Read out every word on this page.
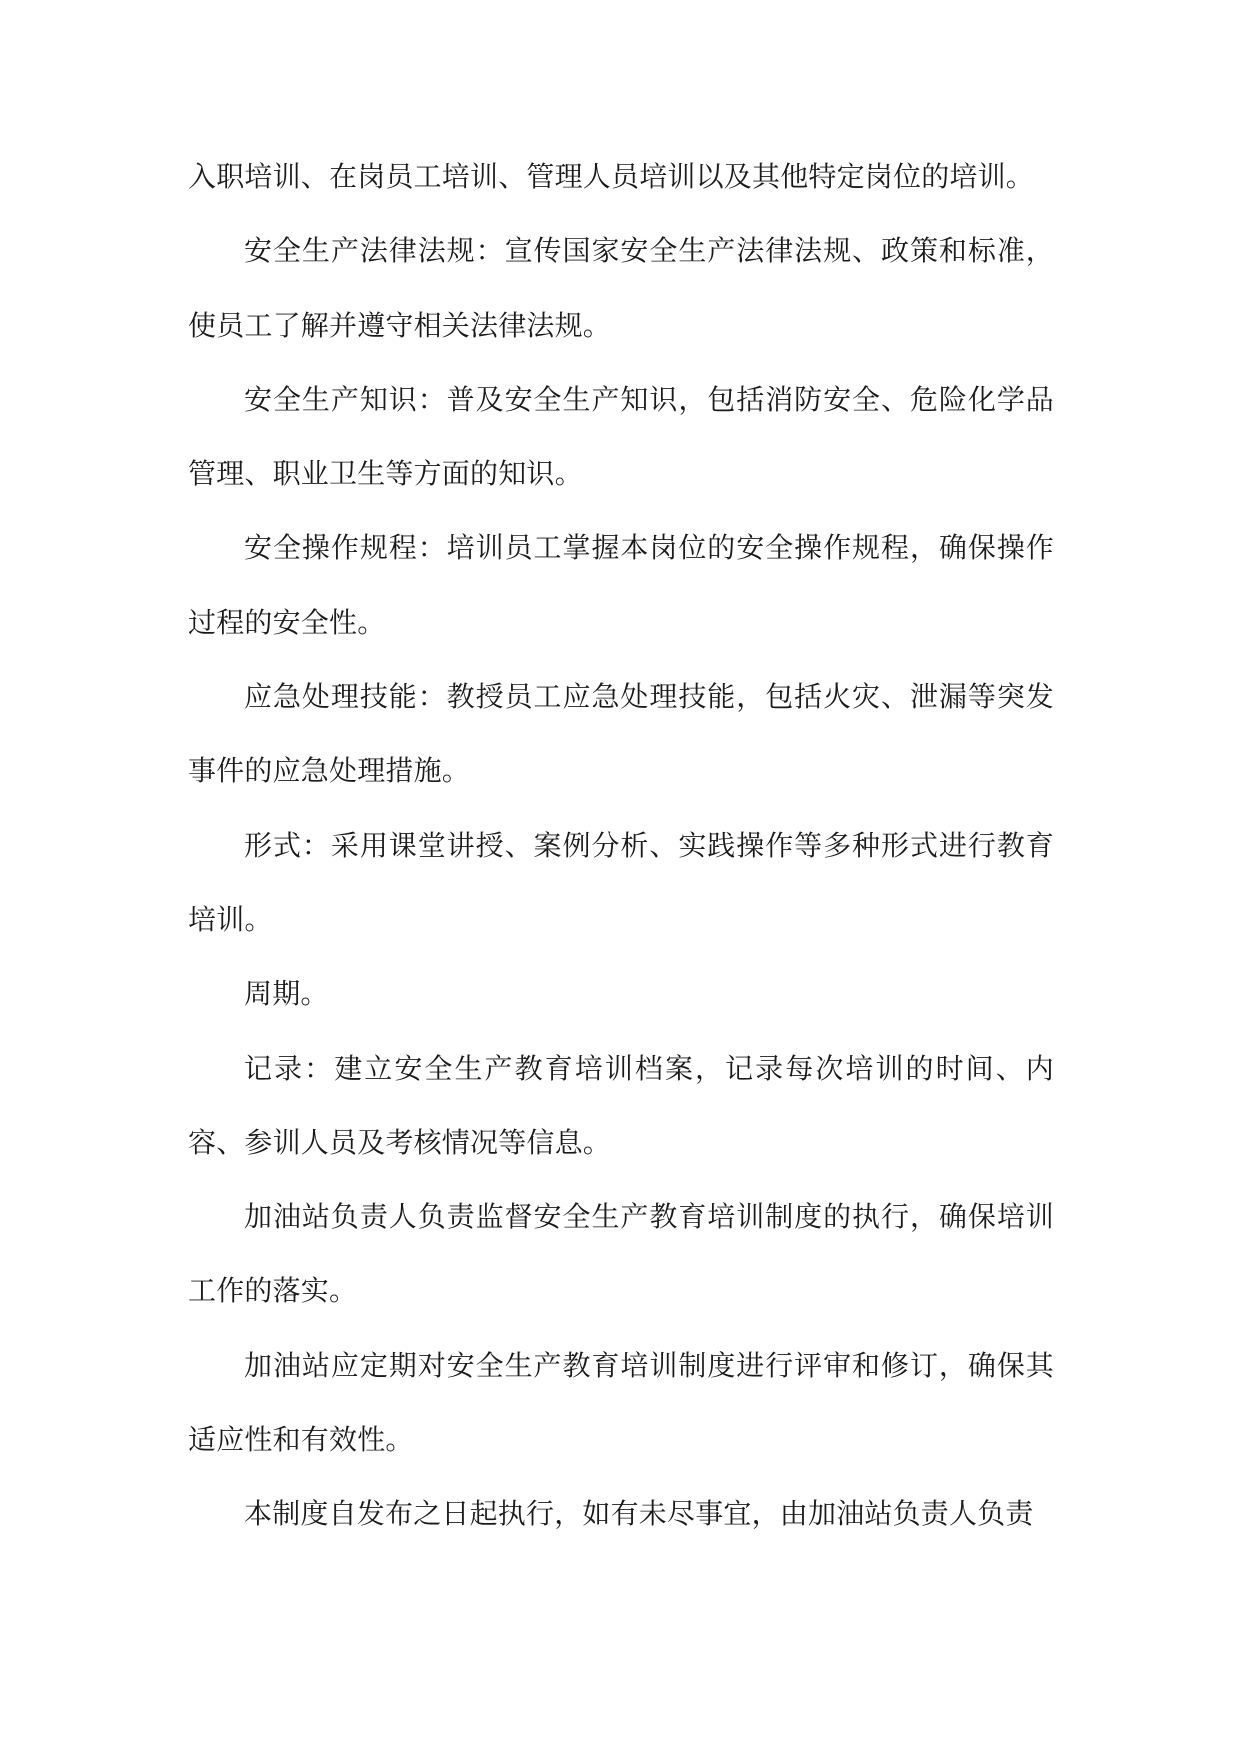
入职培训、在岗员工培训、管理人员培训以及其他特定岗位的培训。

安全生产法律法规：宣传国家安全生产法律法规、政策和标准，使员工了解并遵守相关法律法规。

安全生产知识：普及安全生产知识，包括消防安全、危险化学品管理、职业卫生等方面的知识。

安全操作规程：培训员工掌握本岗位的安全操作规程，确保操作过程的安全性。

应急处理技能：教授员工应急处理技能，包括火灾、泄漏等突发事件的应急处理措施。

形式：采用课堂讲授、案例分析、实践操作等多种形式进行教育培训。

周期。

记录：建立安全生产教育培训档案，记录每次培训的时间、内容、参训人员及考核情况等信息。

加油站负责人负责监督安全生产教育培训制度的执行，确保培训工作的落实。

加油站应定期对安全生产教育培训制度进行评审和修订，确保其适应性和有效性。

本制度自发布之日起执行，如有未尽事宜，由加油站负责人负责
